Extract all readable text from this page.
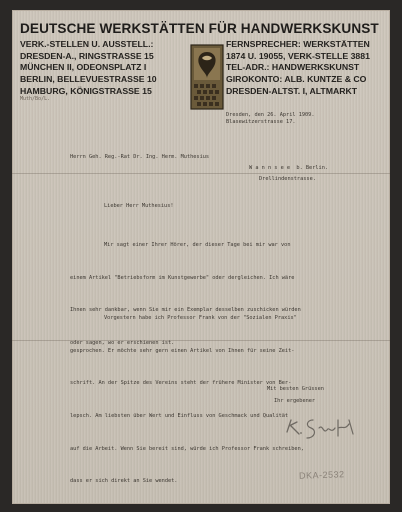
DEUTSCHE WERKSTÄTTEN FÜR HANDWERKSKUNST
VERK.-STELLEN U. AUSSTELL.:
DRESDEN-A., RINGSTRASSE 15
MÜNCHEN II, ODEONSPLATZ I
BERLIN, BELLEVUESTRASSE 10
HAMBURG, KÖNIGSTRASSE 15
FERNSPRECHER: WERKSTÄTTEN
1874 U. 19055, VERK-STELLE 3881
TEL-ADR.: HANDWERKSKUNST
GIROKONTO: ALB. KUNTZE & CO
DRESDEN-ALTST. I, ALTMARKT
Muth/Bo/L.
Dresden, den 26. April 1909.
Blasewitzerstrasse 17.
Herrn Geh. Reg.-Rat Dr. Ing. Herm. Muthesius
W a n n s e e  b. Berlin.
Drellindenstrasse.
Lieber Herr Muthesius!

Mir sagt einer Ihrer Hörer, der dieser Tage bei mir war von

einem Artikel "Betriebsform im Kunstgewerbe" oder dergleichen. Ich wäre

Ihnen sehr dankbar, wenn Sie mir ein Exemplar desselben zuschicken würden

oder sagen, wo er erschienen ist.

Vorgestern habe ich Professor Frank von der "Sozialen Praxis"

gesprochen. Er möchte sehr gern einen Artikel von Ihnen für seine Zeit-

schrift. An der Spitze des Vereins steht der frühere Minister von Ber-

lepsch. Am liebsten über Wert und Einfluss von Geschmack und Qualität

auf die Arbeit. Wenn Sie bereit sind, würde ich Professor Frank schreiben,

dass er sich direkt an Sie wendet.

Mit besten Grüssen
Ihr ergebener
DKA-2532
